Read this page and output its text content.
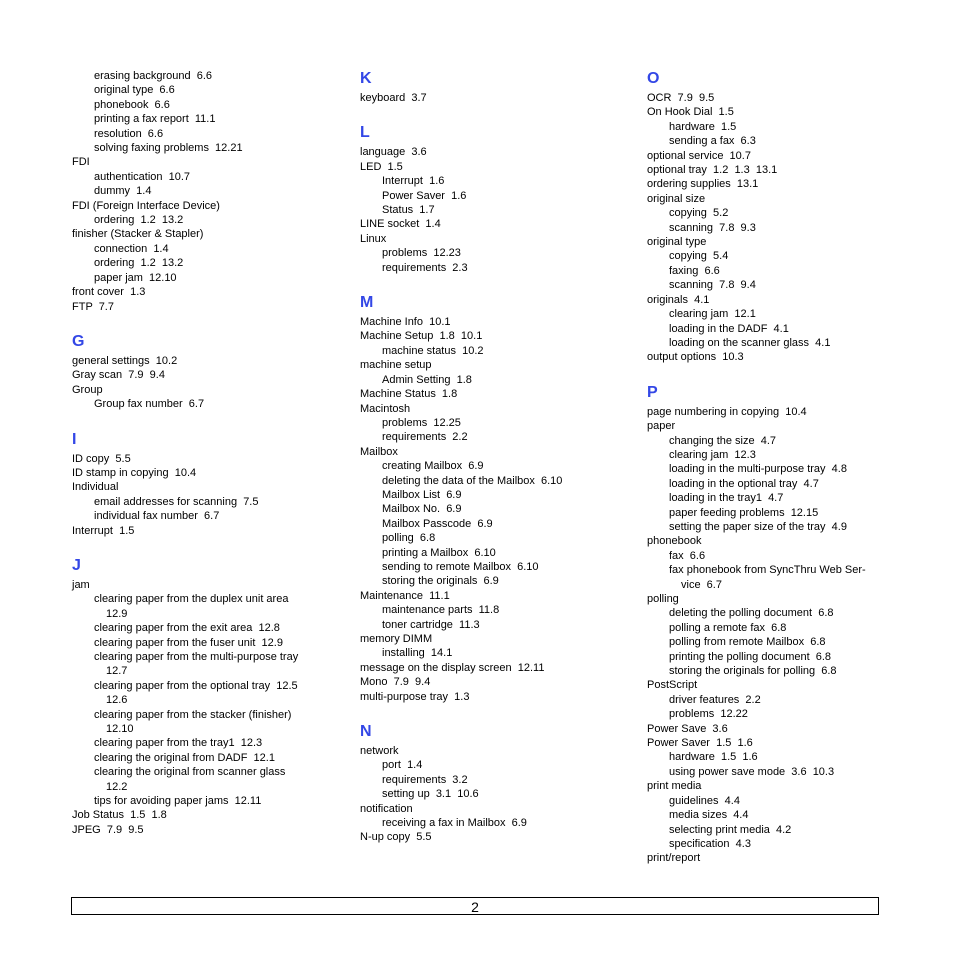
erasing background  6.6
original type  6.6
phonebook  6.6
printing a fax report  11.1
resolution  6.6
solving faxing problems  12.21
FDI
authentication  10.7
dummy  1.4
FDI (Foreign Interface Device)
ordering  1.2  13.2
finisher (Stacker & Stapler)
connection  1.4
ordering  1.2  13.2
paper jam  12.10
front cover  1.3
FTP  7.7
G
general settings  10.2
Gray scan  7.9  9.4
Group
Group fax number  6.7
I
ID copy  5.5
ID stamp in copying  10.4
Individual
email addresses for scanning  7.5
individual fax number  6.7
Interrupt  1.5
J
jam
clearing paper from the duplex unit area
12.9
clearing paper from the exit area  12.8
clearing paper from the fuser unit  12.9
clearing paper from the multi-purpose tray
12.7
clearing paper from the optional tray  12.5
12.6
clearing paper from the stacker (finisher)
12.10
clearing paper from the tray1  12.3
clearing the original from DADF  12.1
clearing the original from scanner glass
12.2
tips for avoiding paper jams  12.11
Job Status  1.5  1.8
JPEG  7.9  9.5
K
keyboard  3.7
L
language  3.6
LED  1.5
Interrupt  1.6
Power Saver  1.6
Status  1.7
LINE socket  1.4
Linux
problems  12.23
requirements  2.3
M
Machine Info  10.1
Machine Setup  1.8  10.1
machine status  10.2
machine setup
Admin Setting  1.8
Machine Status  1.8
Macintosh
problems  12.25
requirements  2.2
Mailbox
creating Mailbox  6.9
deleting the data of the Mailbox  6.10
Mailbox List  6.9
Mailbox No.  6.9
Mailbox Passcode  6.9
polling  6.8
printing a Mailbox  6.10
sending to remote Mailbox  6.10
storing the originals  6.9
Maintenance  11.1
maintenance parts  11.8
toner cartridge  11.3
memory DIMM
installing  14.1
message on the display screen  12.11
Mono  7.9  9.4
multi-purpose tray  1.3
N
network
port  1.4
requirements  3.2
setting up  3.1  10.6
notification
receiving a fax in Mailbox  6.9
N-up copy  5.5
O
OCR  7.9  9.5
On Hook Dial  1.5
hardware  1.5
sending a fax  6.3
optional service  10.7
optional tray  1.2  1.3  13.1
ordering supplies  13.1
original size
copying  5.2
scanning  7.8  9.3
original type
copying  5.4
faxing  6.6
scanning  7.8  9.4
originals  4.1
clearing jam  12.1
loading in the DADF  4.1
loading on the scanner glass  4.1
output options  10.3
P
page numbering in copying  10.4
paper
changing the size  4.7
clearing jam  12.3
loading in the multi-purpose tray  4.8
loading in the optional tray  4.7
loading in the tray1  4.7
paper feeding problems  12.15
setting the paper size of the tray  4.9
phonebook
fax  6.6
fax phonebook from SyncThru Web Ser-
vice  6.7
polling
deleting the polling document  6.8
polling a remote fax  6.8
polling from remote Mailbox  6.8
printing the polling document  6.8
storing the originals for polling  6.8
PostScript
driver features  2.2
problems  12.22
Power Save  3.6
Power Saver  1.5  1.6
hardware  1.5  1.6
using power save mode  3.6  10.3
print media
guidelines  4.4
media sizes  4.4
selecting print media  4.2
specification  4.3
print/report
2
